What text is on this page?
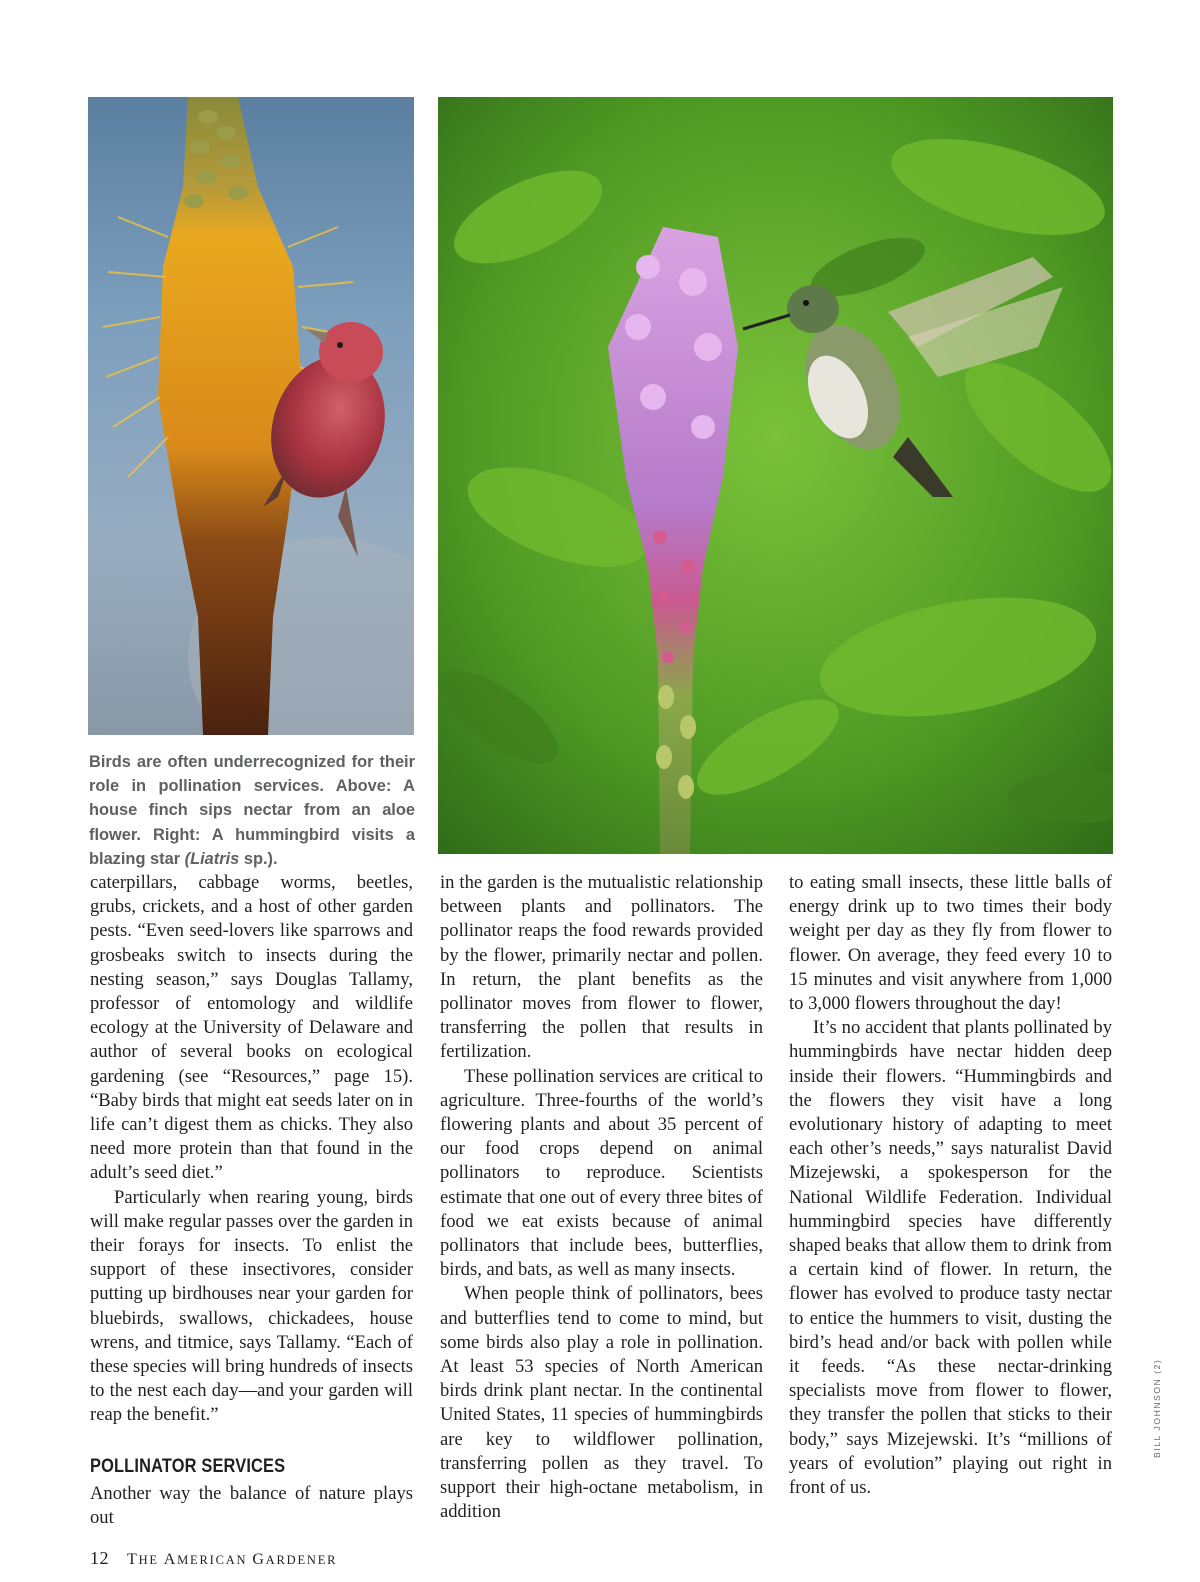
Birds are often underrecognized for their role in pollination services. Above: A house finch sips nectar from an aloe flower. Right: A hummingbird visits a blazing star (Liatris sp.).

caterpillars, cabbage worms, beetles, grubs, crickets, and a host of other garden pests. “Even seed-lovers like sparrows and grosbeaks switch to insects during the nesting season,” says Douglas Tallamy, professor of entomology and wildlife ecology at the University of Delaware and author of several books on ecological gardening (see “Resources,” page 15). “Baby birds that might eat seeds later on in life can’t digest them as chicks. They also need more protein than that found in the adult’s seed diet.”

Particularly when rearing young, birds will make regular passes over the garden in their forays for insects. To enlist the support of these insectivores, consider putting up birdhouses near your garden for bluebirds, swallows, chickadees, house wrens, and titmice, says Tallamy. “Each of these species will bring hundreds of insects to the nest each day—and your garden will reap the benefit.”

POLLINATOR SERVICES

Another way the balance of nature plays out

in the garden is the mutualistic relationship between plants and pollinators. The pollinator reaps the food rewards provided by the flower, primarily nectar and pollen. In return, the plant benefits as the pollinator moves from flower to flower, transferring the pollen that results in fertilization.

These pollination services are critical to agriculture. Three-fourths of the world’s flowering plants and about 35 percent of our food crops depend on animal pollinators to reproduce. Scientists estimate that one out of every three bites of food we eat exists because of animal pollinators that include bees, butterflies, birds, and bats, as well as many insects.

When people think of pollinators, bees and butterflies tend to come to mind, but some birds also play a role in pollination. At least 53 species of North American birds drink plant nectar. In the continental United States, 11 species of hummingbirds are key to wildflower pollination, transferring pollen as they travel. To support their high-octane metabolism, in addition

to eating small insects, these little balls of energy drink up to two times their body weight per day as they fly from flower to flower. On average, they feed every 10 to 15 minutes and visit anywhere from 1,000 to 3,000 flowers throughout the day!

It’s no accident that plants pollinated by hummingbirds have nectar hidden deep inside their flowers. “Hummingbirds and the flowers they visit have a long evolutionary history of adapting to meet each other’s needs,” says naturalist David Mizejewski, a spokesperson for the National Wildlife Federation. Individual hummingbird species have differently shaped beaks that allow them to drink from a certain kind of flower. In return, the flower has evolved to produce tasty nectar to entice the hummers to visit, dusting the bird’s head and/or back with pollen while it feeds. “As these nectar-drinking specialists move from flower to flower, they transfer the pollen that sticks to their body,” says Mizejewski. It’s “millions of years of evolution” playing out right in front of us.

BILL JOHNSON (2)
12 THE AMERICAN GARDENER
